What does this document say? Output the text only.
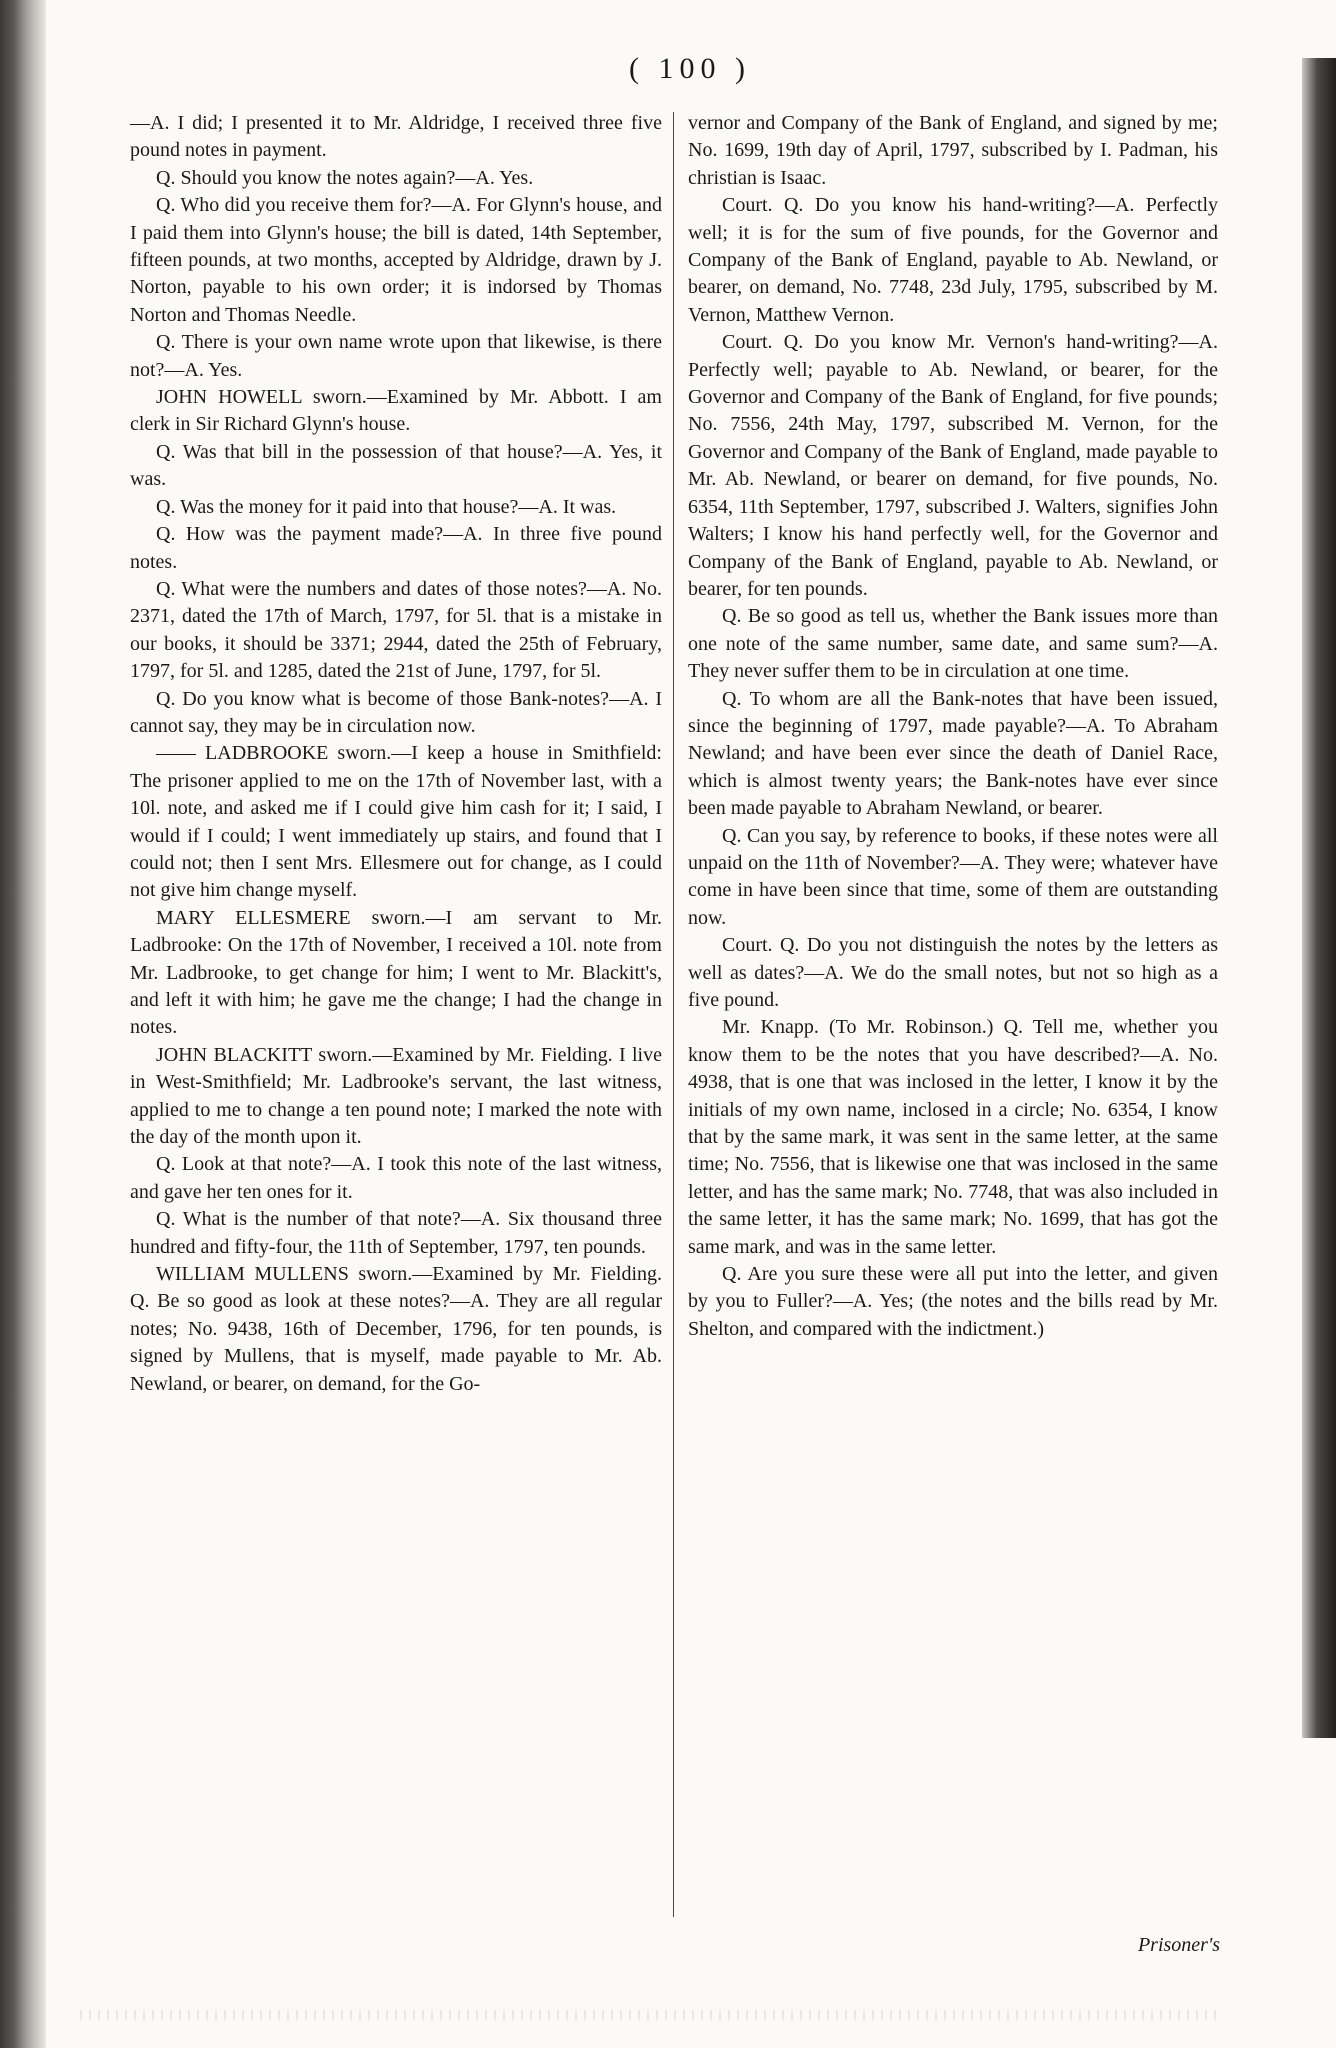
( 100 )

—A. I did; I presented it to Mr. Aldridge, I received three five pound notes in payment.

Q. Should you know the notes again?—A. Yes.

Q. Who did you receive them for?—A. For Glynn's house, and I paid them into Glynn's house; the bill is dated, 14th September, fifteen pounds, at two months, accepted by Aldridge, drawn by J. Norton, payable to his own order; it is indorsed by Thomas Norton and Thomas Needle.

Q. There is your own name wrote upon that likewise, is there not?—A. Yes.

JOHN HOWELL sworn.—Examined by Mr. Abbott. I am clerk in Sir Richard Glynn's house.

Q. Was that bill in the possession of that house?—A. Yes, it was.

Q. Was the money for it paid into that house?—A. It was.

Q. How was the payment made?—A. In three five pound notes.

Q. What were the numbers and dates of those notes?—A. No. 2371, dated the 17th of March, 1797, for 5l. that is a mistake in our books, it should be 3371; 2944, dated the 25th of February, 1797, for 5l. and 1285, dated the 21st of June, 1797, for 5l.

Q. Do you know what is become of those Bank-notes?—A. I cannot say, they may be in circulation now.

—— LADBROOKE sworn.—I keep a house in Smithfield: The prisoner applied to me on the 17th of November last, with a 10l. note, and asked me if I could give him cash for it; I said, I would if I could; I went immediately up stairs, and found that I could not; then I sent Mrs. Ellesmere out for change, as I could not give him change myself.

MARY ELLESMERE sworn.—I am servant to Mr. Ladbrooke: On the 17th of November, I received a 10l. note from Mr. Ladbrooke, to get change for him; I went to Mr. Blackitt's, and left it with him; he gave me the change; I had the change in notes.

JOHN BLACKITT sworn.—Examined by Mr. Fielding. I live in West-Smithfield; Mr. Ladbrooke's servant, the last witness, applied to me to change a ten pound note; I marked the note with the day of the month upon it.

Q. Look at that note?—A. I took this note of the last witness, and gave her ten ones for it.

Q. What is the number of that note?—A. Six thousand three hundred and fifty-four, the 11th of September, 1797, ten pounds.

WILLIAM MULLENS sworn.—Examined by Mr. Fielding. Q. Be so good as look at these notes?—A. They are all regular notes; No. 9438, 16th of December, 1796, for ten pounds, is signed by Mullens, that is myself, made payable to Mr. Ab. Newland, or bearer, on demand, for the Go-

vernor and Company of the Bank of England, and signed by me; No. 1699, 19th day of April, 1797, subscribed by I. Padman, his christian is Isaac.

Court. Q. Do you know his hand-writing?—A. Perfectly well; it is for the sum of five pounds, for the Governor and Company of the Bank of England, payable to Ab. Newland, or bearer, on demand, No. 7748, 23d July, 1795, subscribed by M. Vernon, Matthew Vernon.

Court. Q. Do you know Mr. Vernon's hand-writing?—A. Perfectly well; payable to Ab. Newland, or bearer, for the Governor and Company of the Bank of England, for five pounds; No. 7556, 24th May, 1797, subscribed M. Vernon, for the Governor and Company of the Bank of England, made payable to Mr. Ab. Newland, or bearer on demand, for five pounds, No. 6354, 11th September, 1797, subscribed J. Walters, signifies John Walters; I know his hand perfectly well, for the Governor and Company of the Bank of England, payable to Ab. Newland, or bearer, for ten pounds.

Q. Be so good as tell us, whether the Bank issues more than one note of the same number, same date, and same sum?—A. They never suffer them to be in circulation at one time.

Q. To whom are all the Bank-notes that have been issued, since the beginning of 1797, made payable?—A. To Abraham Newland; and have been ever since the death of Daniel Race, which is almost twenty years; the Bank-notes have ever since been made payable to Abraham Newland, or bearer.

Q. Can you say, by reference to books, if these notes were all unpaid on the 11th of November?—A. They were; whatever have come in have been since that time, some of them are outstanding now.

Court. Q. Do you not distinguish the notes by the letters as well as dates?—A. We do the small notes, but not so high as a five pound.

Mr. Knapp. (To Mr. Robinson.) Q. Tell me, whether you know them to be the notes that you have described?—A. No. 4938, that is one that was inclosed in the letter, I know it by the initials of my own name, inclosed in a circle; No. 6354, I know that by the same mark, it was sent in the same letter, at the same time; No. 7556, that is likewise one that was inclosed in the same letter, and has the same mark; No. 7748, that was also included in the same letter, it has the same mark; No. 1699, that has got the same mark, and was in the same letter.

Q. Are you sure these were all put into the letter, and given by you to Fuller?—A. Yes; (the notes and the bills read by Mr. Shelton, and compared with the indictment.)

Prisoner's
